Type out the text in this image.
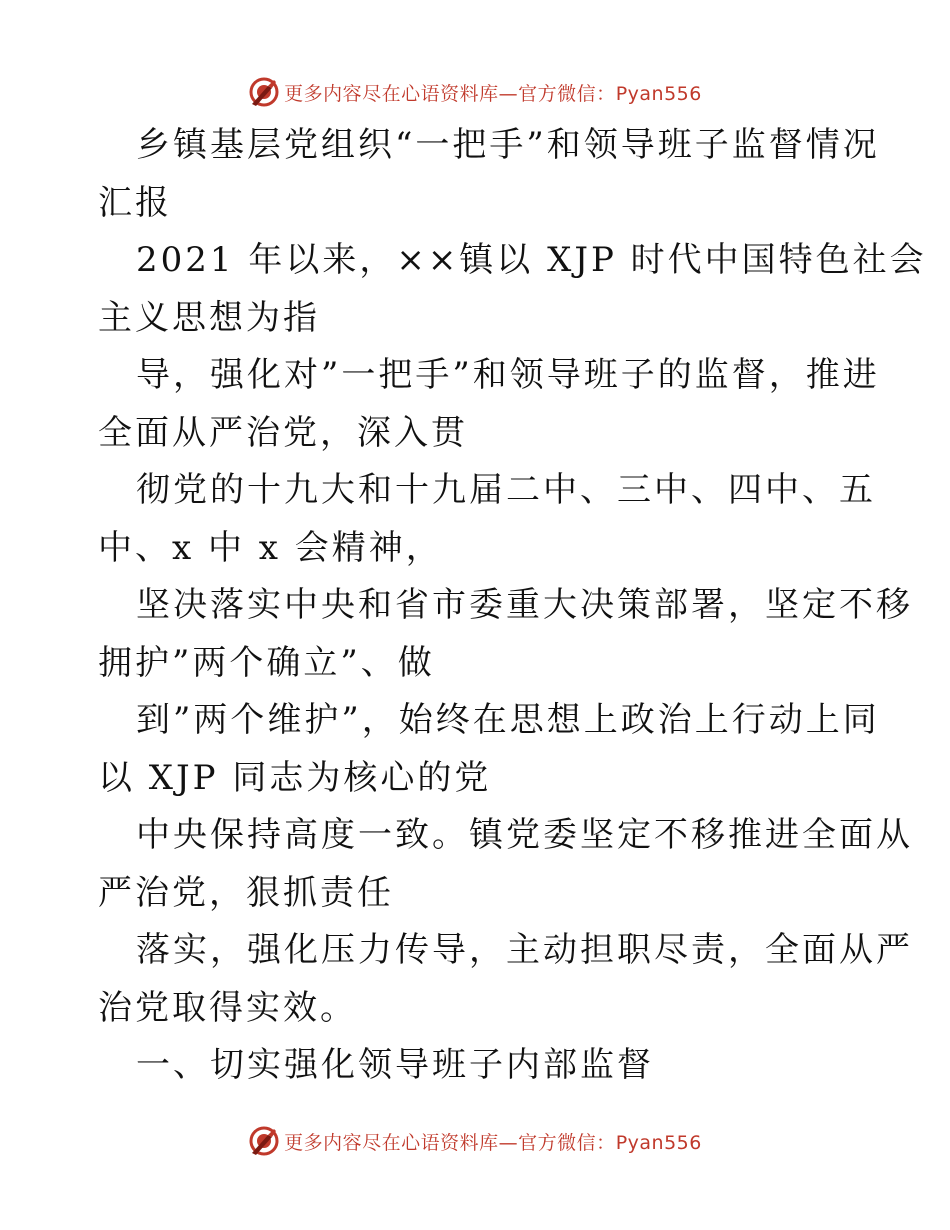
更多内容尽在心语资料库—官方微信：Pyan556
乡镇基层党组织“一把手”和领导班子监督情况
汇报
2021 年以来，××镇以 XJP 时代中国特色社会
主义思想为指
导，强化对”一把手”和领导班子的监督，推进
全面从严治党，深入贯
彻党的十九大和十九届二中、三中、四中、五
中、x 中 x 会精神，
坚决落实中央和省市委重大决策部署，坚定不移
拥护”两个确立”、做
到”两个维护”，始终在思想上政治上行动上同
以 XJP 同志为核心的党
中央保持高度一致。镇党委坚定不移推进全面从
严治党，狠抓责任
落实，强化压力传导，主动担职尽责，全面从严
治党取得实效。
一、切实强化领导班子内部监督
更多内容尽在心语资料库—官方微信：Pyan556
